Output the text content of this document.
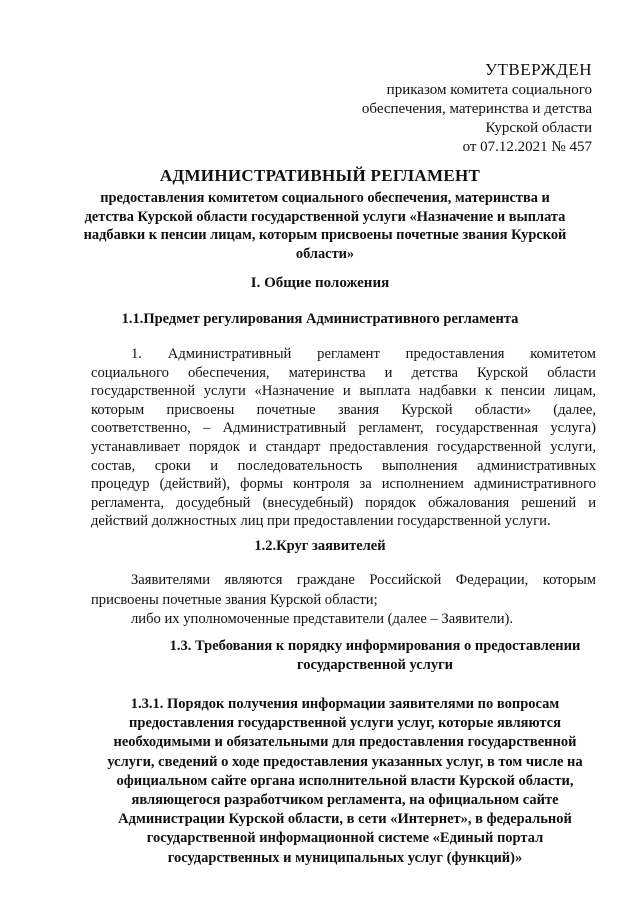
УТВЕРЖДЕН
приказом комитета социального
обеспечения, материнства и детства
Курской области
от 07.12.2021 № 457
АДМИНИСТРАТИВНЫЙ РЕГЛАМЕНТ
предоставления комитетом социального обеспечения, материнства и детства Курской области государственной услуги «Назначение и выплата надбавки к пенсии лицам, которым присвоены почетные звания Курской области»
I. Общие положения
1.1.Предмет регулирования Административного регламента
1. Административный регламент предоставления комитетом
социального обеспечения, материнства и детства Курской области
государственной услуги «Назначение и выплата надбавки к пенсии лицам,
которым присвоены почетные звания Курской области» (далее,
соответственно, – Административный регламент, государственная услуга)
устанавливает порядок и стандарт предоставления государственной услуги,
состав, сроки и последовательность выполнения административных
процедур (действий), формы контроля за исполнением административного
регламента, досудебный (внесудебный) порядок обжалования решений и
действий должностных лиц при предоставлении государственной услуги.
1.2.Круг заявителей
Заявителями являются граждане Российской Федерации, которым
присвоены почетные звания Курской области;
либо их уполномоченные представители (далее – Заявители).
1.3. Требования к порядку информирования о предоставлении государственной услуги
1.3.1. Порядок получения информации заявителями по вопросам
предоставления государственной услуги услуг, которые являются
необходимыми и обязательными для предоставления государственной
услуги, сведений о ходе предоставления указанных услуг, в том числе на
официальном сайте органа исполнительной власти Курской области,
являющегося разработчиком регламента, на официальном сайте
Администрации Курской области, в сети «Интернет», в федеральной
государственной информационной системе «Единый портал
государственных и муниципальных услуг (функций)»
